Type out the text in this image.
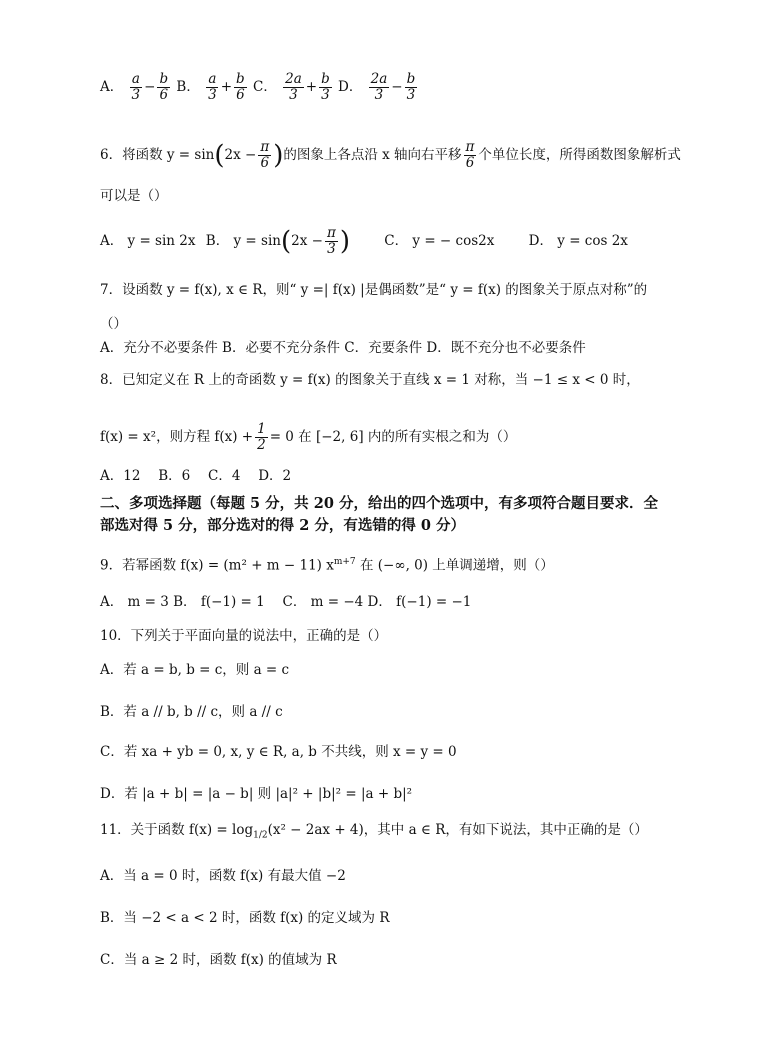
A． $\frac{a}{3} - \frac{b}{6}$ B． $\frac{a}{3} + \frac{b}{6}$ C． $\frac{2a}{3} + \frac{b}{3}$ D． $\frac{2a}{3} - \frac{b}{3}$
6．将函数 $y = \sin(2x - \frac{\pi}{6}$ )的图象上各点沿 x 轴向右平移 $\frac{\pi}{6}$ 个单位长度，所得函数图象解析式
可以是（）
A． y = sin 2x B． $y = \sin(2x - \frac{\pi}{3}$ )	C． y = − cos2x	D． y = cos 2x
7．设函数 y = f(x), x ∈ R，则“ y =| f(x) |是偶函数”是“ y = f(x) 的图象关于原点对称”的
（）
A．充分不必要条件 B．必要不充分条件 C．充要条件 D．既不充分也不必要条件
8．已知定义在 R 上的奇函数 y = f(x) 的图象关于直线 x = 1 对称，当 −1 ≤ x < 0 时，
f(x) = x²，则方程 $f(x) + \frac{1}{2} = 0$ 在 [−2, 6] 内的所有实根之和为（）
A．12　 B．6　 C．4　 D．2
二、多项选择题（每题 5 分，共 20 分，给出的四个选项中，有多项符合题目要求．全
部选对得 5 分，部分选对的得 2 分，有选错的得 0 分）
9．若幂函数 f(x) = (m² + m − 11) $x^{m+7}$ 在 (−∞, 0) 上单调递增，则（）
A． m = 3 B． f(−1) = 1　 C． m = −4 D． f(−1) = −1
10．下列关于平面向量的说法中，正确的是（）
A．若 a = b, b = c，则 a = c
B．若 a // b, b // c，则 a // c
C．若 xa + yb = 0, x, y ∈ R, a, b 不共线，则 x = y = 0
D．若 |a + b| = |a − b| 则 |a|² + |b|² = |a + b|²
11．关于函数 $f(x) = \log_{1/2}(x^2 - 2ax + 4)$，其中 a ∈ R，有如下说法，其中正确的是（）
A．当 a = 0 时，函数 f(x) 有最大值 −2
B．当 −2 < a < 2 时，函数 f(x) 的定义域为 R
C．当 a ≥ 2 时，函数 f(x) 的值域为 R
